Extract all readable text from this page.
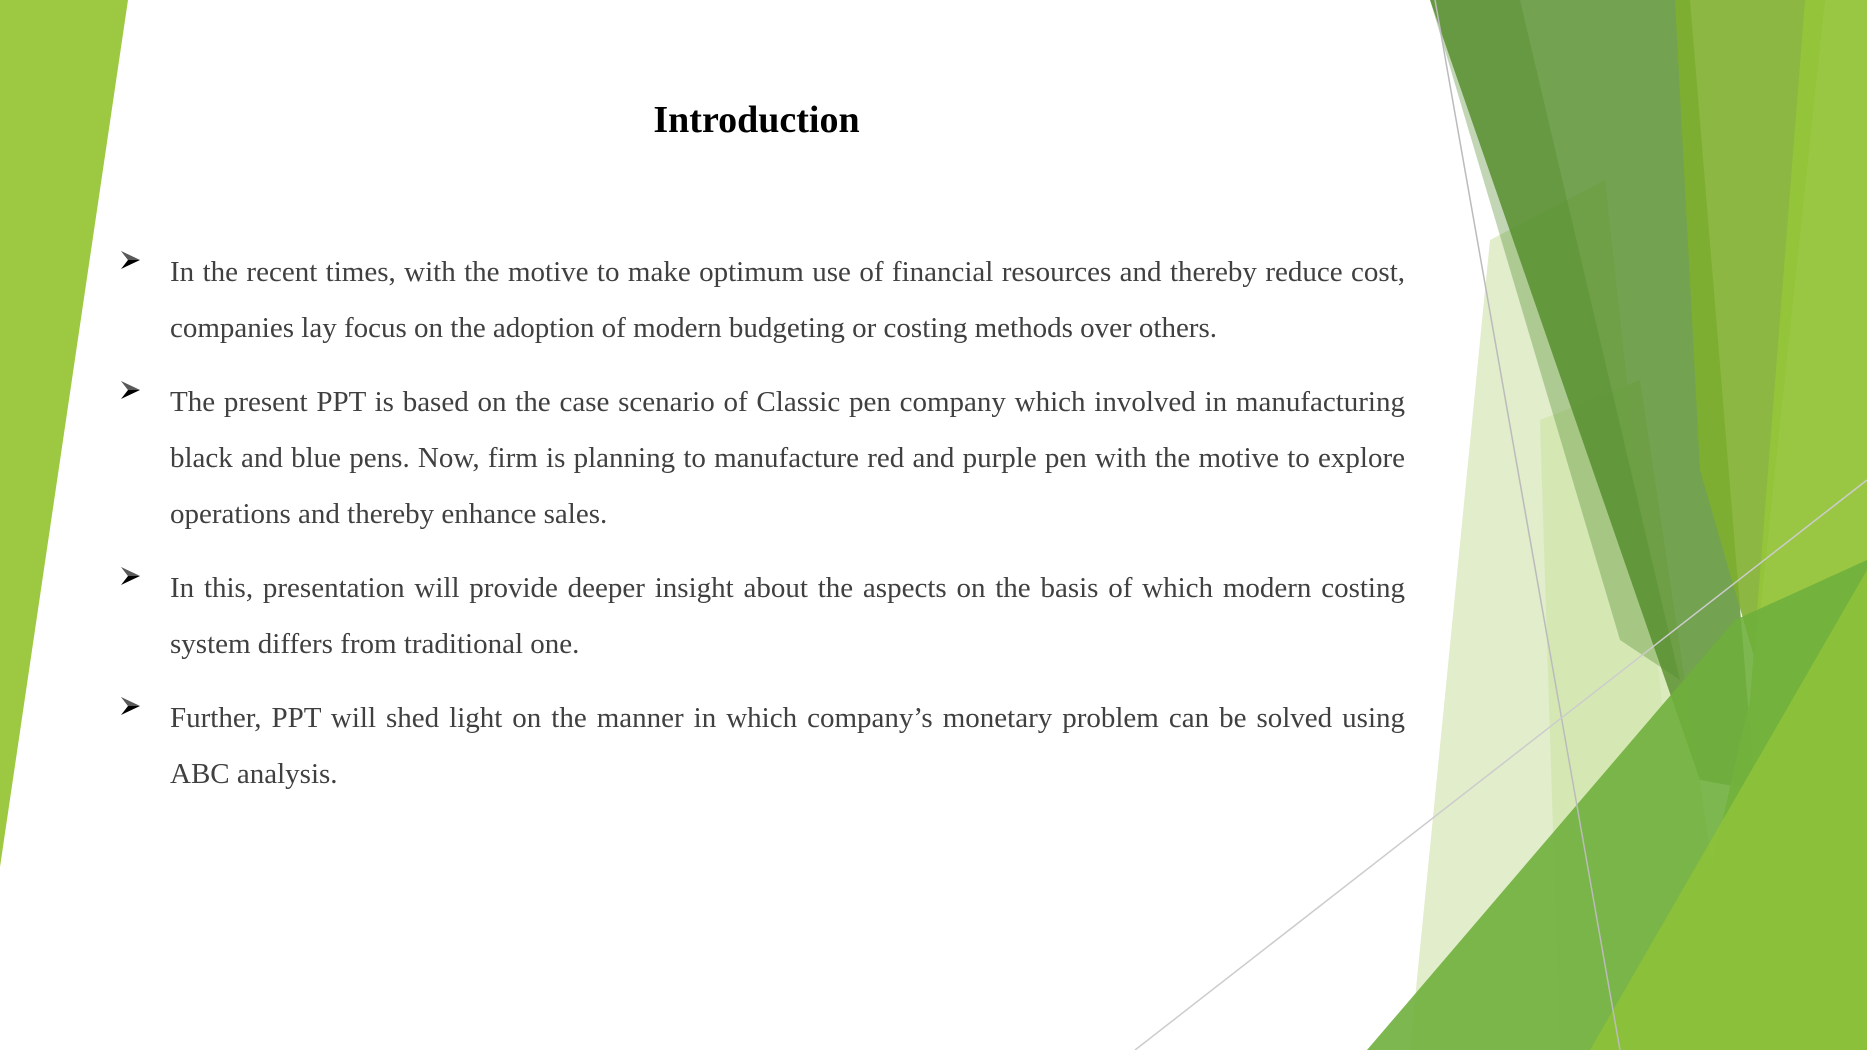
Introduction
In the recent times, with the motive to make optimum use of financial resources and thereby reduce cost, companies lay focus on the adoption of modern budgeting or costing methods over others.
The present PPT is based on the case scenario of Classic pen company which involved in manufacturing black and blue pens. Now, firm is planning to manufacture red and purple pen with the motive to explore operations and thereby enhance sales.
In this, presentation will provide deeper insight about the aspects on the basis of which modern costing system differs from traditional one.
Further, PPT will shed light on the manner in which company’s monetary problem can be solved using ABC analysis.
